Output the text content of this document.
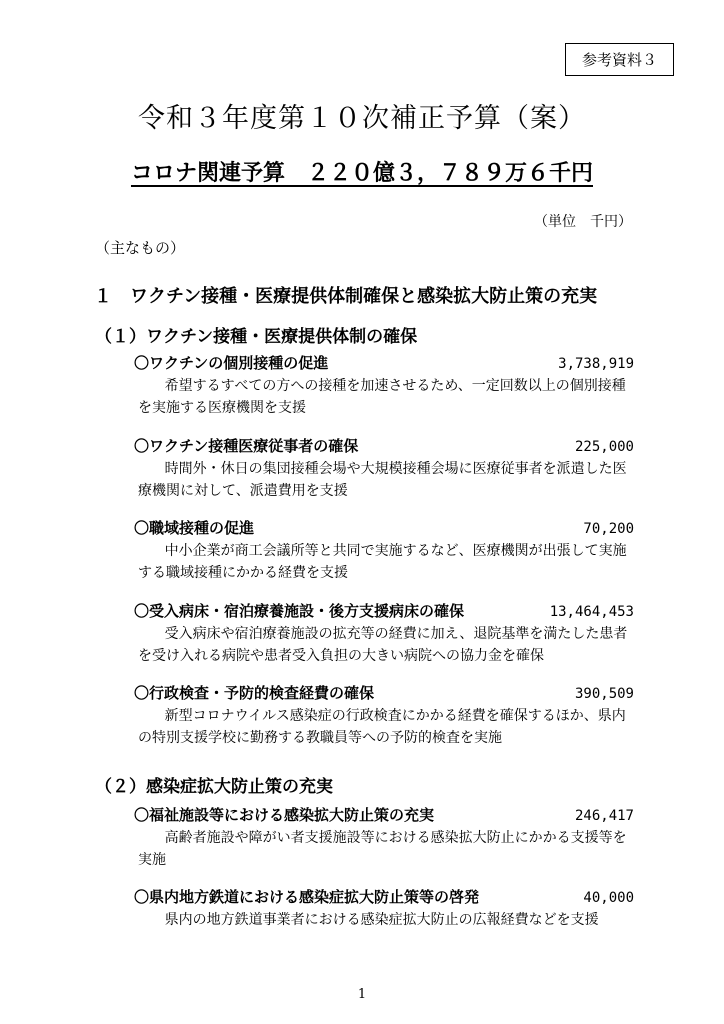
参考資料３
令和３年度第１０次補正予算（案）
コロナ関連予算　２２０億３，７８９万６千円
（単位　千円）
（主なもの）
１　ワクチン接種・医療提供体制確保と感染拡大防止策の充実
（１）ワクチン接種・医療提供体制の確保
〇ワクチンの個別接種の促進	3,738,919
希望するすべての方への接種を加速させるため、一定回数以上の個別接種を実施する医療機関を支援
〇ワクチン接種医療従事者の確保	225,000
時間外・休日の集団接種会場や大規模接種会場に医療従事者を派遣した医療機関に対して、派遣費用を支援
〇職域接種の促進	70,200
中小企業が商工会議所等と共同で実施するなど、医療機関が出張して実施する職域接種にかかる経費を支援
〇受入病床・宿泊療養施設・後方支援病床の確保	13,464,453
受入病床や宿泊療養施設の拡充等の経費に加え、退院基準を満たした患者を受け入れる病院や患者受入負担の大きい病院への協力金を確保
〇行政検査・予防的検査経費の確保	390,509
新型コロナウイルス感染症の行政検査にかかる経費を確保するほか、県内の特別支援学校に勤務する教職員等への予防的検査を実施
（２）感染症拡大防止策の充実
〇福祉施設等における感染拡大防止策の充実	246,417
高齢者施設や障がい者支援施設等における感染拡大防止にかかる支援等を実施
〇県内地方鉄道における感染症拡大防止策等の啓発	40,000
県内の地方鉄道事業者における感染症拡大防止の広報経費などを支援
1
